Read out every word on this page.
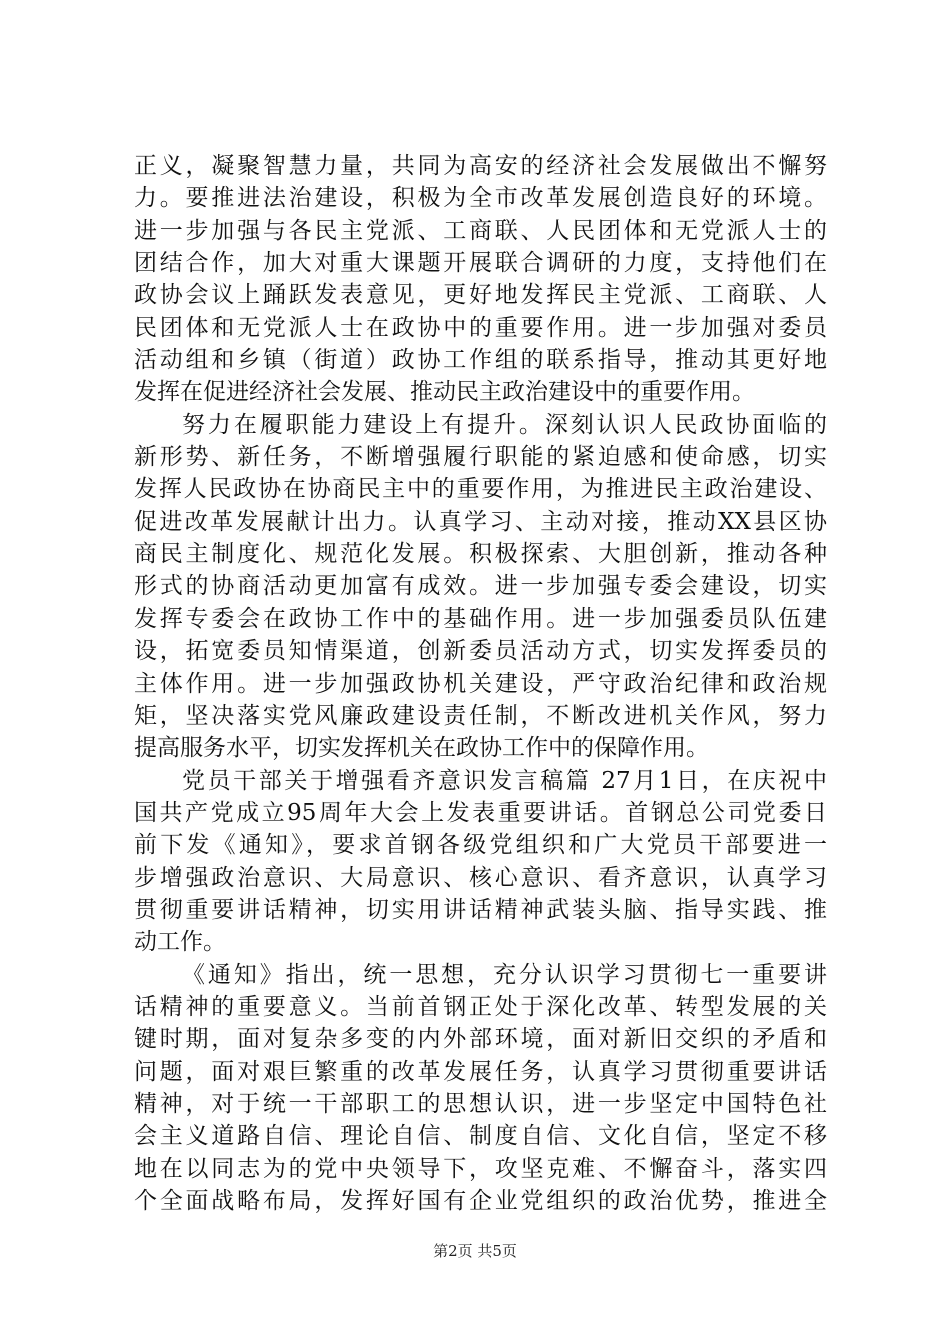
正义，凝聚智慧力量，共同为高安的经济社会发展做出不懈努
力。要推进法治建设，积极为全市改革发展创造良好的环境。
进一步加强与各民主党派、工商联、人民团体和无党派人士的
团结合作，加大对重大课题开展联合调研的力度，支持他们在
政协会议上踊跃发表意见，更好地发挥民主党派、工商联、人
民团体和无党派人士在政协中的重要作用。进一步加强对委员
活动组和乡镇（街道）政协工作组的联系指导，推动其更好地
发挥在促进经济社会发展、推动民主政治建设中的重要作用。
努力在履职能力建设上有提升。深刻认识人民政协面临的
新形势、新任务，不断增强履行职能的紧迫感和使命感，切实
发挥人民政协在协商民主中的重要作用，为推进民主政治建设、
促进改革发展献计出力。认真学习、主动对接，推动XX县区协
商民主制度化、规范化发展。积极探索、大胆创新，推动各种
形式的协商活动更加富有成效。进一步加强专委会建设，切实
发挥专委会在政协工作中的基础作用。进一步加强委员队伍建
设，拓宽委员知情渠道，创新委员活动方式，切实发挥委员的
主体作用。进一步加强政协机关建设，严守政治纪律和政治规
矩，坚决落实党风廉政建设责任制，不断改进机关作风，努力
提高服务水平，切实发挥机关在政协工作中的保障作用。
党员干部关于增强看齐意识发言稿篇 27月1日，在庆祝中
国共产党成立95周年大会上发表重要讲话。首钢总公司党委日
前下发《通知》，要求首钢各级党组织和广大党员干部要进一
步增强政治意识、大局意识、核心意识、看齐意识，认真学习
贯彻重要讲话精神，切实用讲话精神武装头脑、指导实践、推
动工作。
《通知》指出，统一思想，充分认识学习贯彻七一重要讲
话精神的重要意义。当前首钢正处于深化改革、转型发展的关
键时期，面对复杂多变的内外部环境，面对新旧交织的矛盾和
问题，面对艰巨繁重的改革发展任务，认真学习贯彻重要讲话
精神，对于统一干部职工的思想认识，进一步坚定中国特色社
会主义道路自信、理论自信、制度自信、文化自信，坚定不移
地在以同志为的党中央领导下，攻坚克难、不懈奋斗，落实四
个全面战略布局，发挥好国有企业党组织的政治优势，推进全
第2页 共5页
